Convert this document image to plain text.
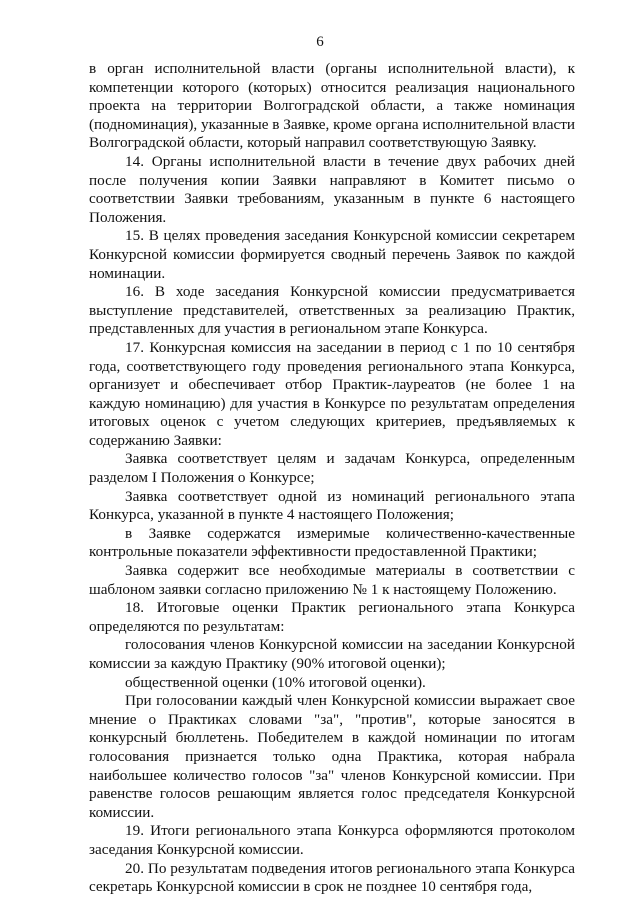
6

в орган исполнительной власти (органы исполнительной власти), к компетенции которого (которых) относится реализация национального проекта на территории Волгоградской области, а также номинация (подноминация), указанные в Заявке, кроме органа исполнительной власти Волгоградской области, который направил соответствующую Заявку.

14. Органы исполнительной власти в течение двух рабочих дней после получения копии Заявки направляют в Комитет письмо о соответствии Заявки требованиям, указанным в пункте 6 настоящего Положения.

15. В целях проведения заседания Конкурсной комиссии секретарем Конкурсной комиссии формируется сводный перечень Заявок по каждой номинации.

16. В ходе заседания Конкурсной комиссии предусматривается выступление представителей, ответственных за реализацию Практик, представленных для участия в региональном этапе Конкурса.

17. Конкурсная комиссия на заседании в период с 1 по 10 сентября года, соответствующего году проведения регионального этапа Конкурса, организует и обеспечивает отбор Практик-лауреатов (не более 1 на каждую номинацию) для участия в Конкурсе по результатам определения итоговых оценок с учетом следующих критериев, предъявляемых к содержанию Заявки:

Заявка соответствует целям и задачам Конкурса, определенным разделом I Положения о Конкурсе;

Заявка соответствует одной из номинаций регионального этапа Конкурса, указанной в пункте 4 настоящего Положения;

в Заявке содержатся измеримые количественно-качественные контрольные показатели эффективности предоставленной Практики;

Заявка содержит все необходимые материалы в соответствии с шаблоном заявки согласно приложению № 1 к настоящему Положению.

18. Итоговые оценки Практик регионального этапа Конкурса определяются по результатам:

голосования членов Конкурсной комиссии на заседании Конкурсной комиссии за каждую Практику (90% итоговой оценки);

общественной оценки (10% итоговой оценки).

При голосовании каждый член Конкурсной комиссии выражает свое мнение о Практиках словами "за", "против", которые заносятся в конкурсный бюллетень. Победителем в каждой номинации по итогам голосования признается только одна Практика, которая набрала наибольшее количество голосов "за" членов Конкурсной комиссии. При равенстве голосов решающим является голос председателя Конкурсной комиссии.

19. Итоги регионального этапа Конкурса оформляются протоколом заседания Конкурсной комиссии.

20. По результатам подведения итогов регионального этапа Конкурса секретарь Конкурсной комиссии в срок не позднее 10 сентября года,
